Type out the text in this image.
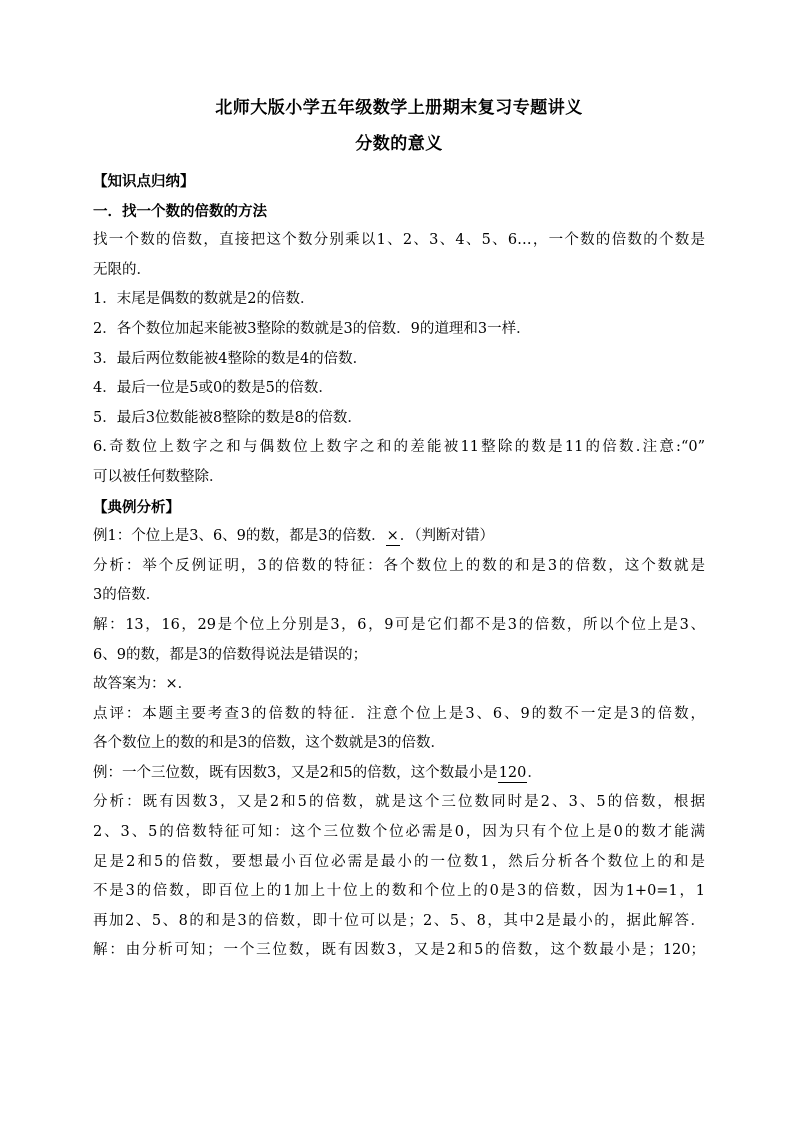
北师大版小学五年级数学上册期末复习专题讲义

分数的意义

【知识点归纳】
一．找一个数的倍数的方法
找一个数的倍数，直接把这个数分别乘以1、2、3、4、5、6…，一个数的倍数的个数是
无限的．
1．末尾是偶数的数就是2的倍数．
2．各个数位加起来能被3整除的数就是3的倍数．9的道理和3一样．
3．最后两位数能被4整除的数是4的倍数．
4．最后一位是5或0的数是5的倍数．
5．最后3位数能被8整除的数是8的倍数．
6.奇数位上数字之和与偶数位上数字之和的差能被11整除的数是11的倍数.注意:“0”
可以被任何数整除．
【典例分析】
例1：个位上是3、6、9的数，都是3的倍数．×．（判断对错）
分析：举个反例证明，3的倍数的特征：各个数位上的数的和是3的倍数，这个数就是
3的倍数．
解：13，16，29是个位上分别是3，6，9可是它们都不是3的倍数，所以个位上是3、
6、9的数，都是3的倍数得说法是错误的；
故答案为：×．
点评：本题主要考查3的倍数的特征．注意个位上是3、6、9的数不一定是3的倍数，
各个数位上的数的和是3的倍数，这个数就是3的倍数．
例：一个三位数，既有因数3，又是2和5的倍数，这个数最小是120．
分析：既有因数3，又是2和5的倍数，就是这个三位数同时是2、3、5的倍数，根据
2、3、5的倍数特征可知：这个三位数个位必需是0，因为只有个位上是0的数才能满
足是2和5的倍数，要想最小百位必需是最小的一位数1，然后分析各个数位上的和是
不是3的倍数，即百位上的1加上十位上的数和个位上的0是3的倍数，因为1+0=1，1
再加2、5、8的和是3的倍数，即十位可以是；2、5、8，其中2是最小的，据此解答．
解：由分析可知；一个三位数，既有因数3，又是2和5的倍数，这个数最小是；120；
